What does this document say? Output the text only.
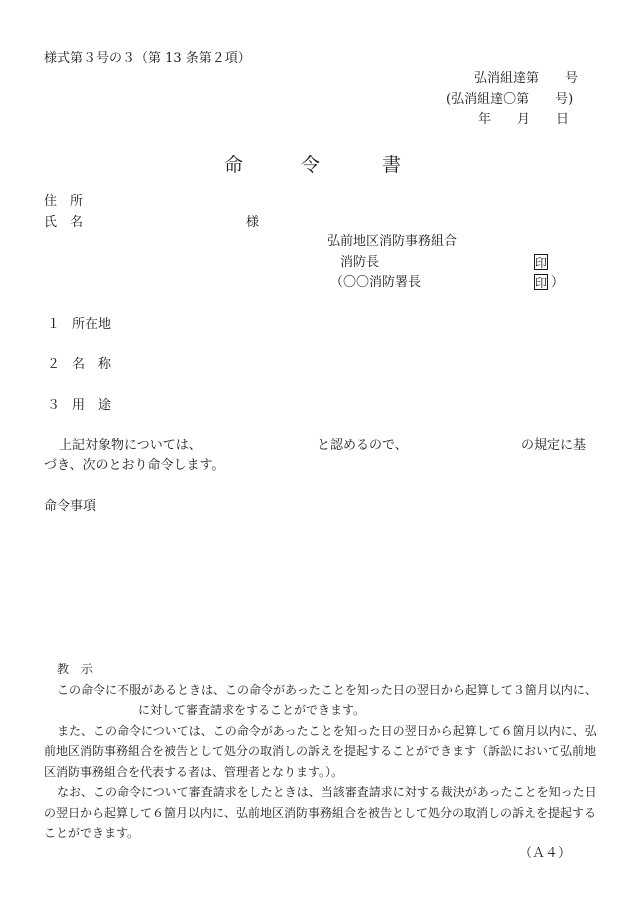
様式第３号の３（第 13 条第２項）
弘消組達第　　号
(弘消組達〇第　　号)
年　　月　　日
命	令	書
住　所
氏　名	様
弘前地区消防事務組合
消防長	印
（〇〇消防署長	印 ）
１ 所在地
２ 名　称
３ 用　途
上記対象物については、	と認めるので、	の規定に基
づき、次のとおり命令します。
命令事項
教　示
この命令に不服があるときは、この命令があったことを知った日の翌日から起算して３箇月以内に、
に対して審査請求をすることができます。
また、この命令については、この命令があったことを知った日の翌日から起算して６箇月以内に、弘
前地区消防事務組合を被告として処分の取消しの訴えを提起することができます（訴訟において弘前地
区消防事務組合を代表する者は、管理者となります。）。
なお、この命令について審査請求をしたときは、当該審査請求に対する裁決があったことを知った日
の翌日から起算して６箇月以内に、弘前地区消防事務組合を被告として処分の取消しの訴えを提起する
ことができます。
（Ａ４）
